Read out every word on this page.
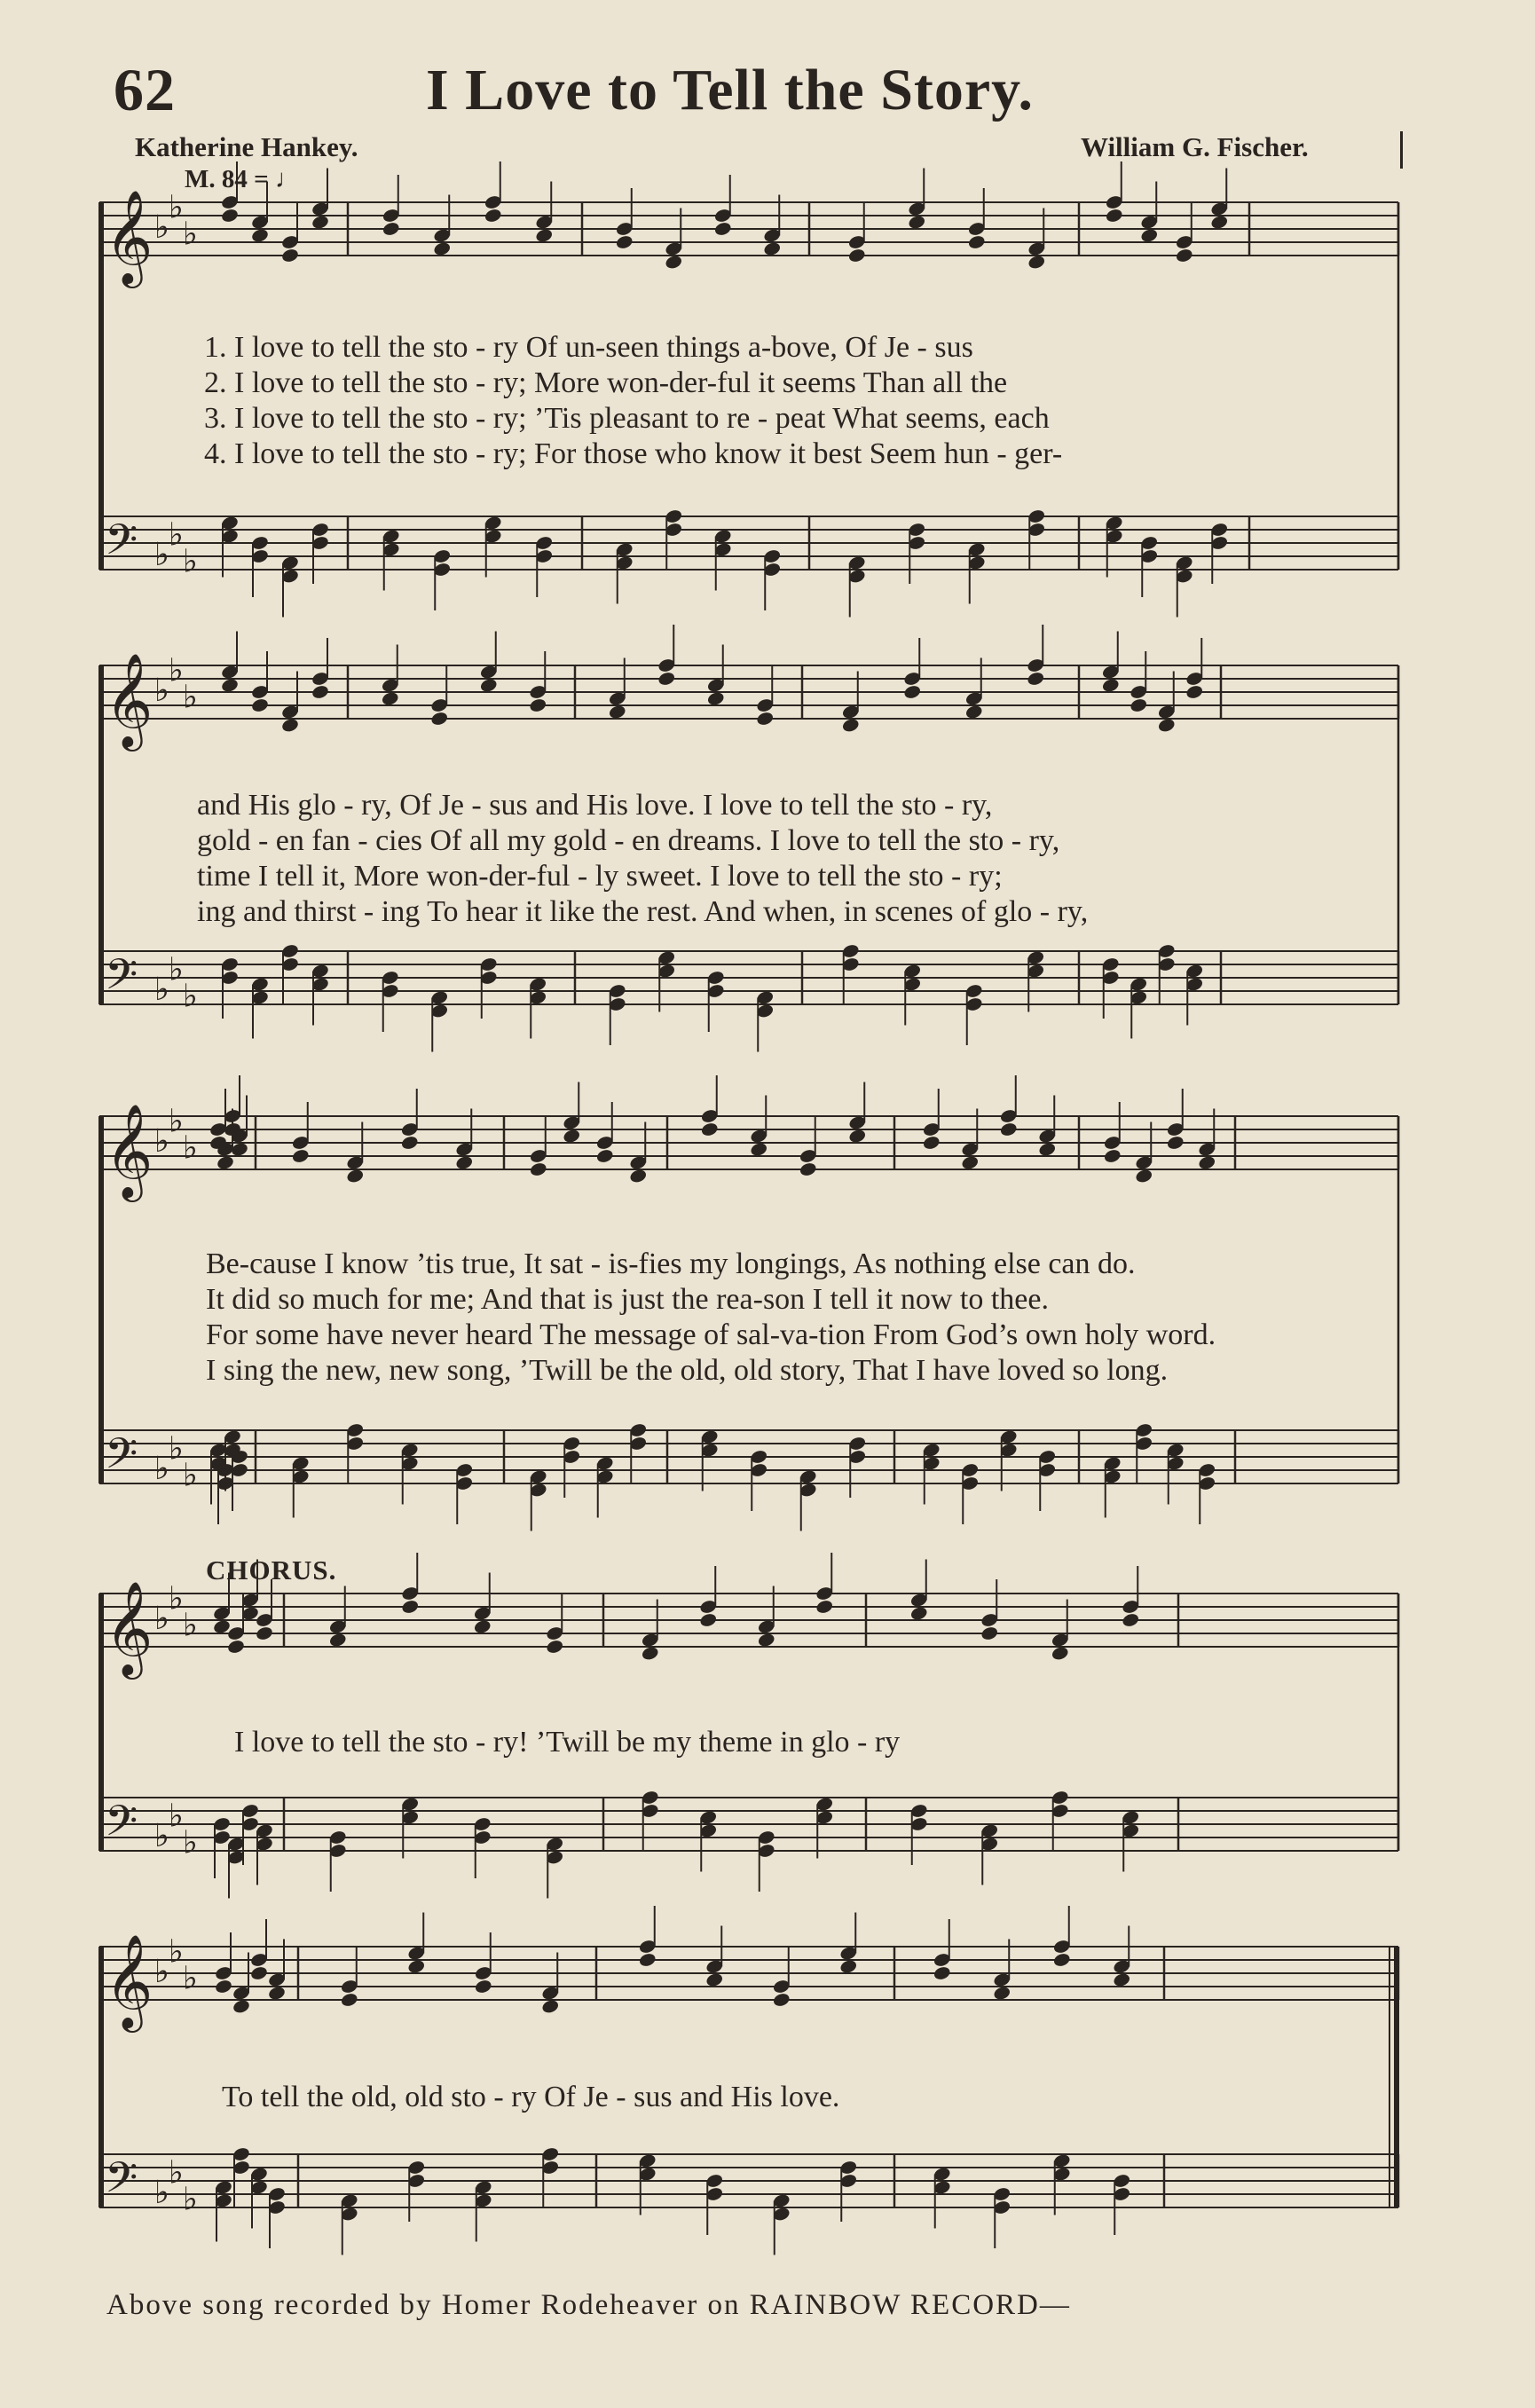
62	I Love to Tell the Story.
Katherine Hankey.	William G. Fischer.
M. 84 = ♩
𝄞 ♭
♭
♭
𝄢 ♭
♭
♭
1. I love to tell the sto - ry Of un-seen things a-bove, Of Je - sus
2. I love to tell the sto - ry; More won-der-ful it seems Than all the
3. I love to tell the sto - ry; ’Tis pleasant to re - peat What seems, each
4. I love to tell the sto - ry; For those who know it best Seem hun - ger-
𝄞 ♭
♭
♭
𝄢 ♭
♭
♭
and His glo - ry, Of Je - sus and His love. I love to tell the sto - ry,
gold - en fan - cies Of all my gold - en dreams. I love to tell the sto - ry,
time I tell it, More won-der-ful - ly sweet. I love to tell the sto - ry;
ing and thirst - ing To hear it like the rest. And when, in scenes of glo - ry,
𝄞 ♭
♭
♭
𝄢 ♭
♭
♭
Be-cause I know ’tis true, It sat - is-fies my longings, As nothing else can do.
It did so much for me; And that is just the rea-son I tell it now to thee.
For some have never heard The message of sal-va-tion From God’s own holy word.
I sing the new, new song, ’Twill be the old, old story, That I have loved so long.
CHORUS.
𝄞 ♭
♭
♭
𝄢 ♭
♭
♭
I love to tell the sto - ry! ’Twill be my theme in glo - ry
𝄞 ♭
♭
♭
𝄢 ♭
♭
♭
To tell the old, old sto - ry Of Je - sus and His love.
Above song recorded by Homer Rodeheaver on RAINBOW RECORD—
